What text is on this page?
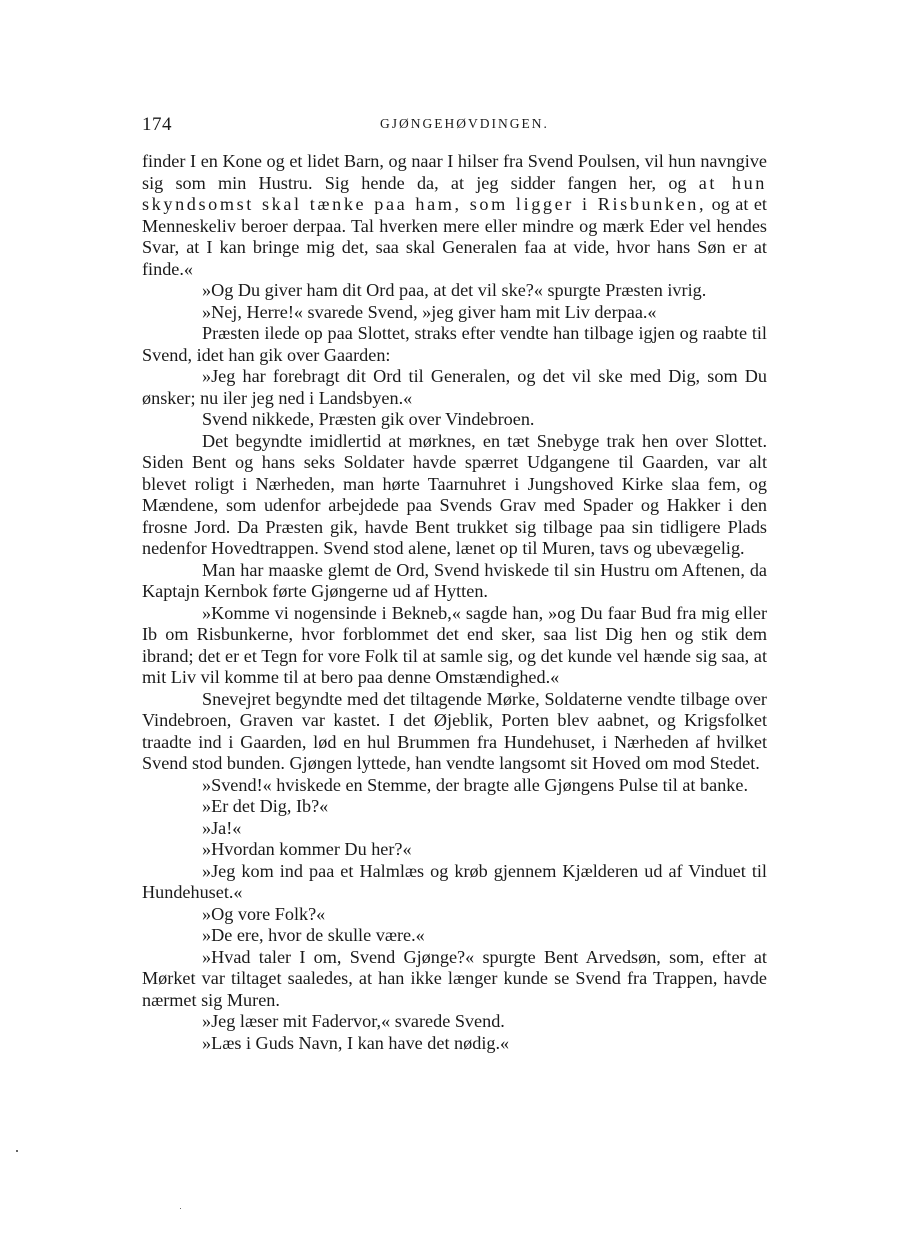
174	GJØNGEHØVDINGEN.

finder I en Kone og et lidet Barn, og naar I hilser fra Svend Poulsen, vil hun navngive sig som min Hustru. Sig hende da, at jeg sidder fangen her, og at hun skyndsomst skal tænke paa ham, som ligger i Risbunken, og at et Menneskeliv beroer derpaa. Tal hverken mere eller mindre og mærk Eder vel hendes Svar, at I kan bringe mig det, saa skal Generalen faa at vide, hvor hans Søn er at finde.«

»Og Du giver ham dit Ord paa, at det vil ske?« spurgte Præsten ivrig.

»Nej, Herre!« svarede Svend, »jeg giver ham mit Liv derpaa.«

Præsten ilede op paa Slottet, straks efter vendte han tilbage igjen og raabte til Svend, idet han gik over Gaarden:

»Jeg har forebragt dit Ord til Generalen, og det vil ske med Dig, som Du ønsker; nu iler jeg ned i Landsbyen.«

Svend nikkede, Præsten gik over Vindebroen.

Det begyndte imidlertid at mørknes, en tæt Snebyge trak hen over Slottet. Siden Bent og hans seks Soldater havde spærret Udgangene til Gaarden, var alt blevet roligt i Nærheden, man hørte Taarnuhret i Jungshoved Kirke slaa fem, og Mændene, som udenfor arbejdede paa Svends Grav med Spader og Hakker i den frosne Jord. Da Præsten gik, havde Bent trukket sig tilbage paa sin tidligere Plads nedenfor Hovedtrappen. Svend stod alene, lænet op til Muren, tavs og ubevægelig.

Man har maaske glemt de Ord, Svend hviskede til sin Hustru om Aftenen, da Kaptajn Kernbok førte Gjøngerne ud af Hytten.

»Komme vi nogensinde i Bekneb,« sagde han, »og Du faar Bud fra mig eller Ib om Risbunkerne, hvor forblommet det end sker, saa list Dig hen og stik dem ibrand; det er et Tegn for vore Folk til at samle sig, og det kunde vel hænde sig saa, at mit Liv vil komme til at bero paa denne Omstændighed.«

Snevejret begyndte med det tiltagende Mørke, Soldaterne vendte tilbage over Vindebroen, Graven var kastet. I det Øjeblik, Porten blev aabnet, og Krigsfolket traadte ind i Gaarden, lød en hul Brummen fra Hundehuset, i Nærheden af hvilket Svend stod bunden. Gjøngen lyttede, han vendte langsomt sit Hoved om mod Stedet.

»Svend!« hviskede en Stemme, der bragte alle Gjøngens Pulse til at banke.

»Er det Dig, Ib?«

»Ja!«

»Hvordan kommer Du her?«

»Jeg kom ind paa et Halmlæs og krøb gjennem Kjælderen ud af Vinduet til Hundehuset.«

»Og vore Folk?«

»De ere, hvor de skulle være.«

»Hvad taler I om, Svend Gjønge?« spurgte Bent Arvedsøn, som, efter at Mørket var tiltaget saaledes, at han ikke længer kunde se Svend fra Trappen, havde nærmet sig Muren.

»Jeg læser mit Fadervor,« svarede Svend.

»Læs i Guds Navn, I kan have det nødig.«
